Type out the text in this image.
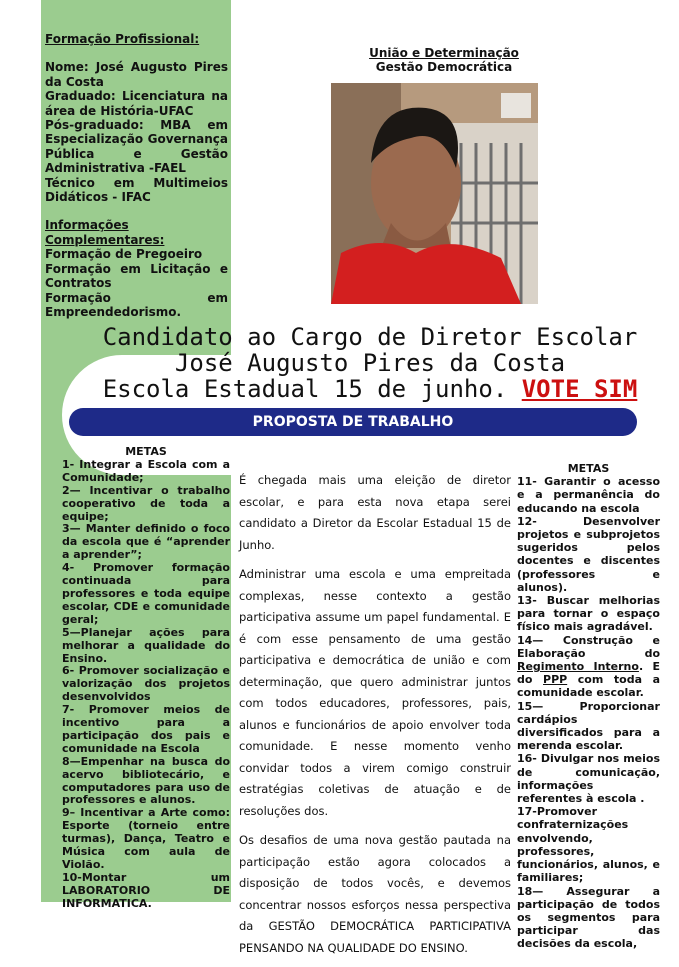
Formação Profissional:

Nome: José Augusto Pires da Costa

Graduado: Licenciatura na área de História-UFAC

Pós-graduado: MBA em Especialização Governança Pública e Gestão Administrativa -FAEL

Técnico em Multimeios Didáticos - IFAC

Informações Complementares:

Formação de Pregoeiro

Formação em Licitação e Contratos

Formação em Empreendedorismo.

União e Determinação
Gestão Democrática
Candidato ao Cargo de Diretor Escolar
José Augusto Pires da Costa
Escola Estadual 15 de junho. VOTE SIM
PROPOSTA DE TRABALHO
METAS
1- Integrar a Escola com a Comunidade;
2— Incentivar o trabalho cooperativo de toda a equipe;
3— Manter definido o foco da escola que é “aprender a aprender”;
4- Promover formação continuada para professores e toda equipe escolar, CDE e comunidade geral;
5—Planejar ações para melhorar a qualidade do Ensino.
6- Promover socialização e valorização dos projetos desenvolvidos
7- Promover meios de incentivo para a participação dos pais e comunidade na Escola
8—Empenhar na busca do acervo bibliotecário, e computadores para uso de professores e alunos.
9– Incentivar a Arte como: Esporte (torneio entre turmas), Dança, Teatro e Música com aula de Violão.
10-Montar um LABORATORIO DE INFORMATICA.

É chegada mais uma eleição de diretor escolar, e para esta nova etapa serei candidato a Diretor da Escolar Estadual 15 de Junho.

Administrar uma escola e uma empreitada complexas, nesse contexto a gestão participativa assume um papel fundamental. E é com esse pensamento de uma gestão participativa e democrática de união e com determinação, que quero administrar juntos com todos educadores, professores, pais, alunos e funcionários de apoio envolver toda comunidade. E nesse momento venho convidar todos a virem comigo construir estratégias coletivas de atuação e de resoluções dos.

Os desafios de uma nova gestão pautada na participação estão agora colocados a disposição de todos vocês, e devemos concentrar nossos esforços nessa perspectiva da GESTÃO DEMOCRÁTICA PARTICIPATIVA PENSANDO NA QUALIDADE DO ENSINO.

METAS
11- Garantir o acesso e a permanência do educando na escola
12- Desenvolver projetos e subprojetos sugeridos pelos docentes e discentes (professores e alunos).
13- Buscar melhorias para tornar o espaço físico mais agradável.
14— Construção e Elaboração do Regimento Interno. E do PPP com toda a comunidade escolar.
15— Proporcionar cardápios diversificados para a merenda escolar.
16- Divulgar nos meios de comunicação, informações referentes à escola .
17-Promover confraternizações envolvendo, professores, funcionários, alunos, e familiares;
18— Assegurar a participação de todos os segmentos para participar das decisões da escola,
